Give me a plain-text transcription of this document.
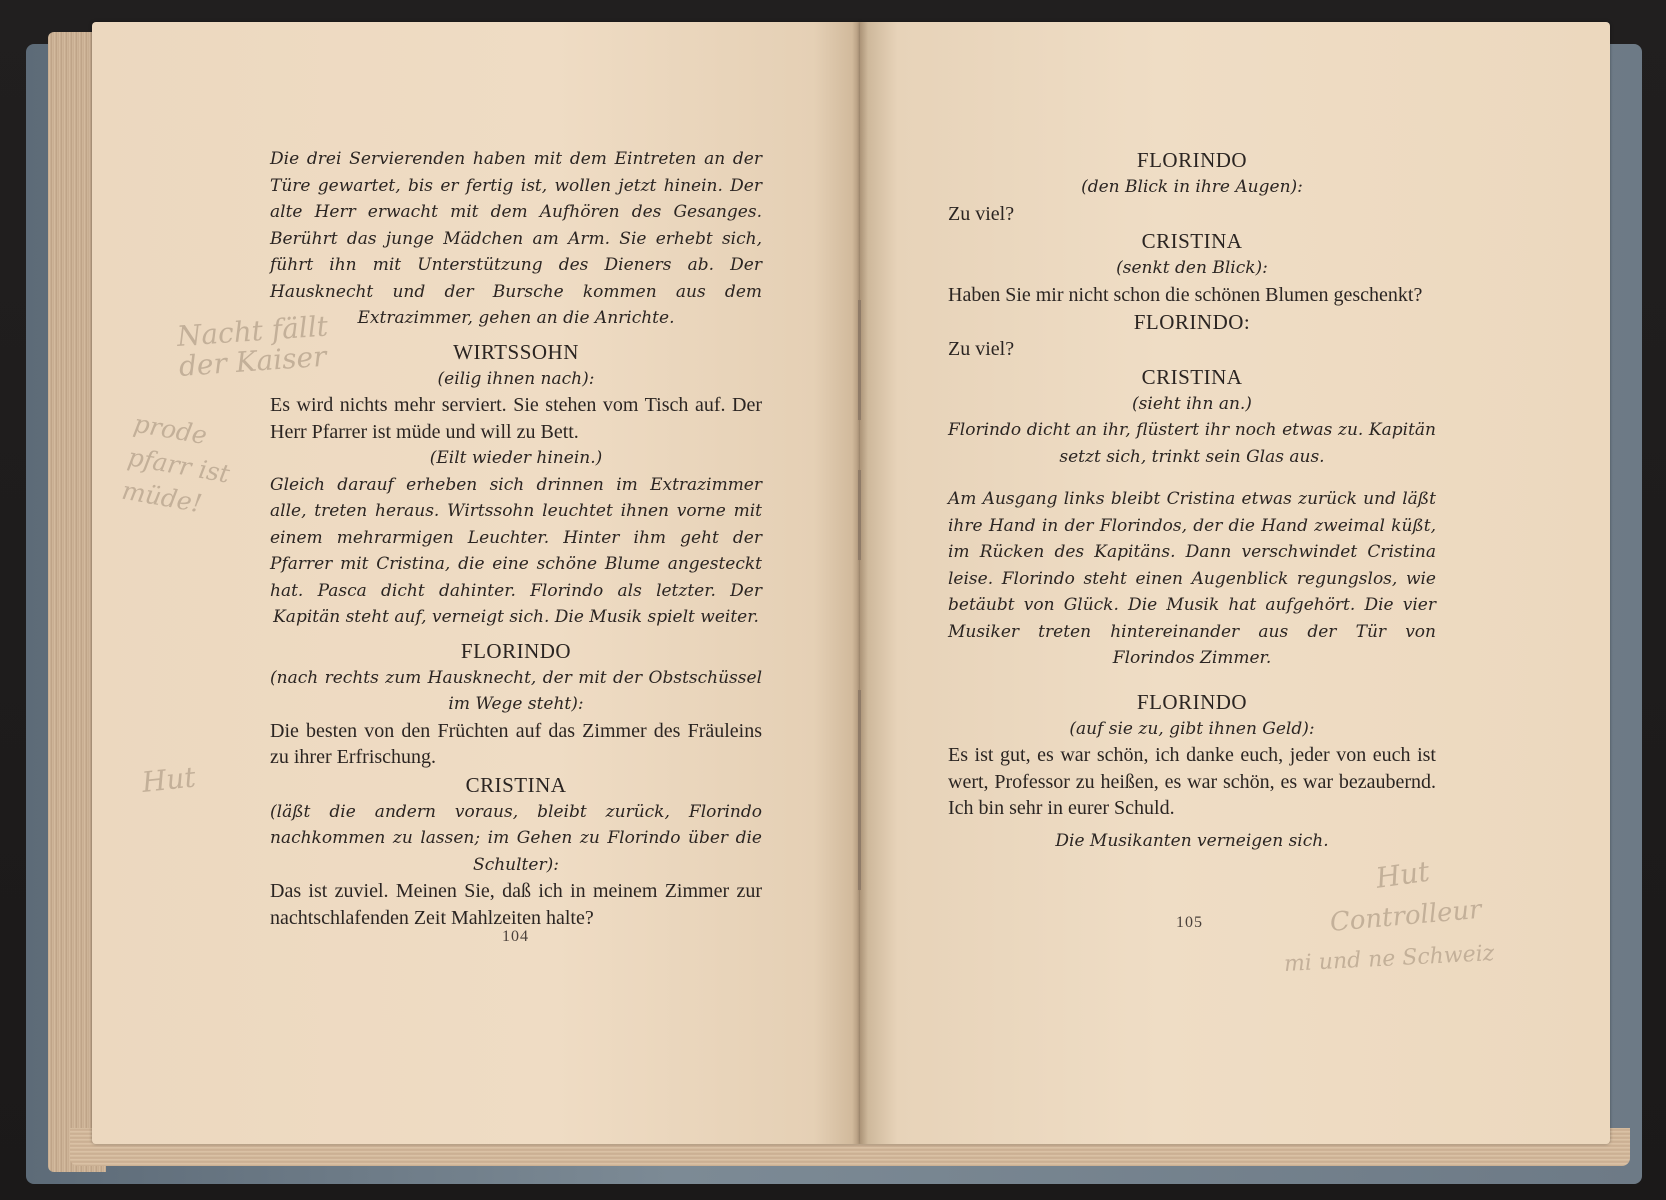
Die drei Servierenden haben mit dem Eintreten an der Türe gewartet, bis er fertig ist, wollen jetzt hinein. Der alte Herr erwacht mit dem Aufhören des Gesanges. Berührt das junge Mädchen am Arm. Sie erhebt sich, führt ihn mit Unterstützung des Dieners ab. Der Hausknecht und der Bursche kommen aus dem Extrazimmer, gehen an die Anrichte.

WIRTSSOHN

(eilig ihnen nach):

Es wird nichts mehr serviert. Sie stehen vom Tisch auf. Der Herr Pfarrer ist müde und will zu Bett.

(Eilt wieder hinein.)

Gleich darauf erheben sich drinnen im Extrazimmer alle, treten heraus. Wirtssohn leuchtet ihnen vorne mit einem mehrarmigen Leuchter. Hinter ihm geht der Pfarrer mit Cristina, die eine schöne Blume angesteckt hat. Pasca dicht dahinter. Florindo als letzter. Der Kapitän steht auf, verneigt sich. Die Musik spielt weiter.

FLORINDO

(nach rechts zum Hausknecht, der mit der Obstschüssel im Wege steht):

Die besten von den Früchten auf das Zimmer des Fräuleins zu ihrer Erfrischung.

CRISTINA

(läßt die andern voraus, bleibt zurück, Florindo nachkommen zu lassen; im Gehen zu Florindo über die Schulter):

Das ist zuviel. Meinen Sie, daß ich in meinem Zimmer zur nachtschlafenden Zeit Mahlzeiten halte?

104

FLORINDO

(den Blick in ihre Augen):

Zu viel?

CRISTINA

(senkt den Blick):

Haben Sie mir nicht schon die schönen Blumen geschenkt?

FLORINDO:

Zu viel?

CRISTINA

(sieht ihn an.)

Florindo dicht an ihr, flüstert ihr noch etwas zu. Kapitän setzt sich, trinkt sein Glas aus.

Am Ausgang links bleibt Cristina etwas zurück und läßt ihre Hand in der Florindos, der die Hand zweimal küßt, im Rücken des Kapitäns. Dann verschwindet Cristina leise. Florindo steht einen Augenblick regungslos, wie betäubt von Glück. Die Musik hat aufgehört. Die vier Musiker treten hintereinander aus der Tür von Florindos Zimmer.

FLORINDO

(auf sie zu, gibt ihnen Geld):

Es ist gut, es war schön, ich danke euch, jeder von euch ist wert, Professor zu heißen, es war schön, es war bezaubernd. Ich bin sehr in eurer Schuld.

Die Musikanten verneigen sich.

105
Nacht fällt der Kaiser
prode pfarr ist müde!
Hut
Hut
Controlleur
mi und ne Schweiz
